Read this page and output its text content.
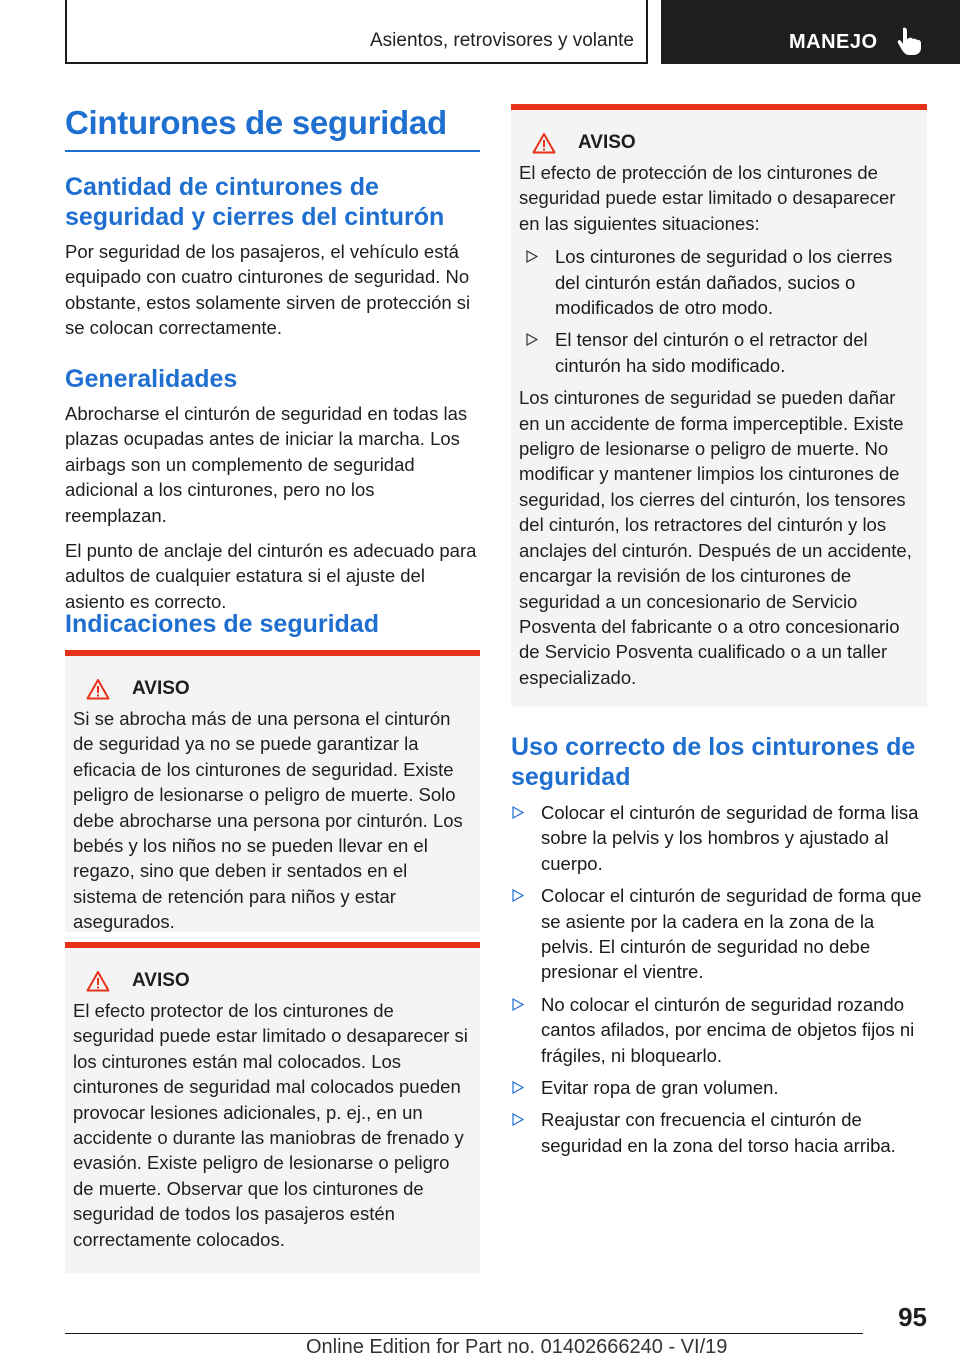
Asientos, retrovisores y volante	MANEJO
Cinturones de seguridad
Cantidad de cinturones de seguridad y cierres del cinturón

Por seguridad de los pasajeros, el vehículo está equipado con cuatro cinturones de seguridad. No obstante, estos solamente sirven de protección si se colocan correctamente.

Generalidades

Abrocharse el cinturón de seguridad en todas las plazas ocupadas antes de iniciar la marcha. Los airbags son un complemento de seguridad adicional a los cinturones, pero no los reemplazan.

El punto de anclaje del cinturón es adecuado para adultos de cualquier estatura si el ajuste del asiento es correcto.

Indicaciones de seguridad
AVISO

Si se abrocha más de una persona el cinturón de seguridad ya no se puede garantizar la eficacia de los cinturones de seguridad. Existe peligro de lesionarse o peligro de muerte. Solo debe abrocharse una persona por cinturón. Los bebés y los niños no se pueden llevar en el regazo, sino que deben ir sentados en el sistema de retención para niños y estar asegurados.

AVISO

El efecto protector de los cinturones de seguridad puede estar limitado o desaparecer si los cinturones están mal colocados. Los cinturones de seguridad mal colocados pueden provocar lesiones adicionales, p. ej., en un accidente o durante las maniobras de frenado y evasión. Existe peligro de lesionarse o peligro de muerte. Observar que los cinturones de seguridad de todos los pasajeros estén correctamente colocados.

AVISO

El efecto de protección de los cinturones de seguridad puede estar limitado o desaparecer en las siguientes situaciones:

Los cinturones de seguridad o los cierres del cinturón están dañados, sucios o modificados de otro modo.
El tensor del cinturón o el retractor del cinturón ha sido modificado.

Los cinturones de seguridad se pueden dañar en un accidente de forma imperceptible. Existe peligro de lesionarse o peligro de muerte. No modificar y mantener limpios los cinturones de seguridad, los cierres del cinturón, los tensores del cinturón, los retractores del cinturón y los anclajes del cinturón. Después de un accidente, encargar la revisión de los cinturones de seguridad a un concesionario de Servicio Posventa del fabricante o a otro concesionario de Servicio Posventa cualificado o a un taller especializado.

Uso correcto de los cinturones de seguridad
Colocar el cinturón de seguridad de forma lisa sobre la pelvis y los hombros y ajustado al cuerpo.
Colocar el cinturón de seguridad de forma que se asiente por la cadera en la zona de la pelvis. El cinturón de seguridad no debe presionar el vientre.
No colocar el cinturón de seguridad rozando cantos afilados, por encima de objetos fijos ni frágiles, ni bloquearlo.
Evitar ropa de gran volumen.
Reajustar con frecuencia el cinturón de seguridad en la zona del torso hacia arriba.
95
Online Edition for Part no. 01402666240 - VI/19
